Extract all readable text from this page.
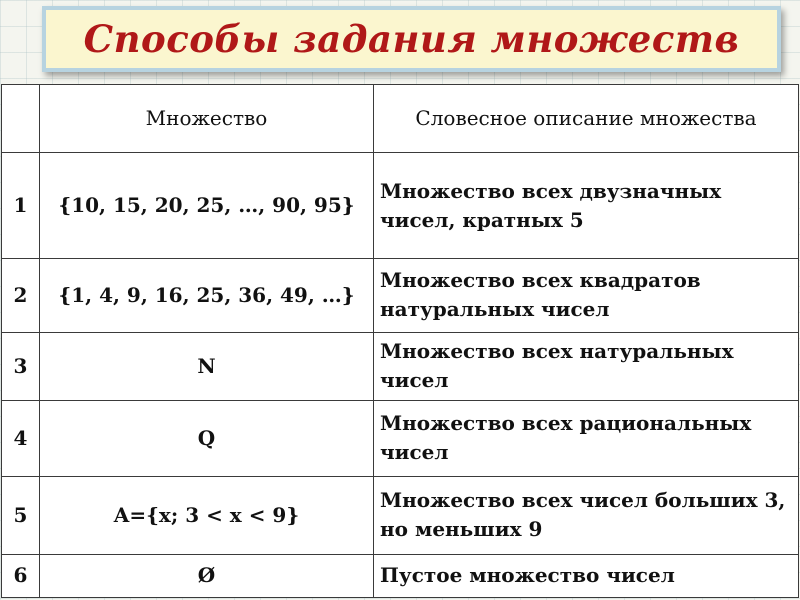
Способы задания множеств
	Множество	Словесное описание множества
1	{10, 15, 20, 25, …, 90, 95}	Множество всех двузначных чисел, кратных 5
2	{1, 4, 9, 16, 25, 36, 49, …}	Множество всех квадратов натуральных чисел
3	N	Множество всех натуральных чисел
4	Q	Множество всех рациональных чисел
5	A={x; 3 < x < 9}	Множество всех чисел больших 3, но меньших 9
6	Ø	Пустое множество чисел
